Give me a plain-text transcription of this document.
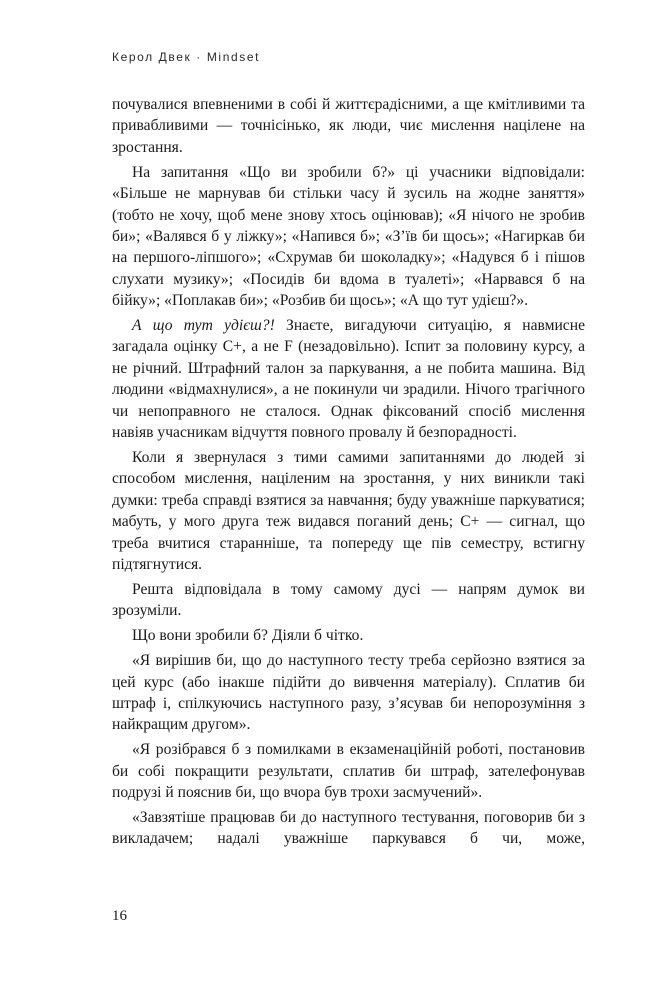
Керол Двек · Mindset

почувалися впевненими в собі й життєрадісними, а ще кмітливими та привабливими — точнісінько, як люди, чиє мислення націлене на зростання.

На запитання «Що ви зробили б?» ці учасники відповідали: «Більше не марнував би стільки часу й зусиль на жодне заняття» (тобто не хочу, щоб мене знову хтось оцінював); «Я нічого не зробив би»; «Валявся б у ліжку»; «Напився б»; «З’їв би щось»; «Нагиркав би на першого-ліпшого»; «Схрумав би шоколадку»; «Надувся б і пішов слухати музику»; «Посидів би вдома в туалеті»; «Нарвався б на бійку»; «Поплакав би»; «Розбив би щось»; «А що тут удієш?».

А що тут удієш?! Знаєте, вигадуючи ситуацію, я навмисне загадала оцінку C+, а не F (незадовільно). Іспит за половину курсу, а не річний. Штрафний талон за паркування, а не побита машина. Від людини «відмахнулися», а не покинули чи зрадили. Нічого трагічного чи непоправного не сталося. Однак фіксований спосіб мислення навіяв учасникам відчуття повного провалу й безпорадності.

Коли я звернулася з тими самими запитаннями до людей зі способом мислення, націленим на зростання, у них виникли такі думки: треба справді взятися за навчання; буду уважніше паркуватися; мабуть, у мого друга теж видався поганий день; C+ — сигнал, що треба вчитися старанніше, та попереду ще пів семестру, встигну підтягнутися.

Решта відповідала в тому самому дусі — напрям думок ви зрозуміли.

Що вони зробили б? Діяли б чітко.

«Я вирішив би, що до наступного тесту треба серйозно взятися за цей курс (або інакше підійти до вивчення матеріалу). Сплатив би штраф і, спілкуючись наступного разу, з’ясував би непорозуміння з найкращим другом».

«Я розібрався б з помилками в екзаменаційній роботі, постановив би собі покращити результати, сплатив би штраф, зателефонував подрузі й пояснив би, що вчора був трохи засмучений».

«Завзятіше працював би до наступного тестування, поговорив би з викладачем; надалі уважніше паркувався б чи, може,

16
